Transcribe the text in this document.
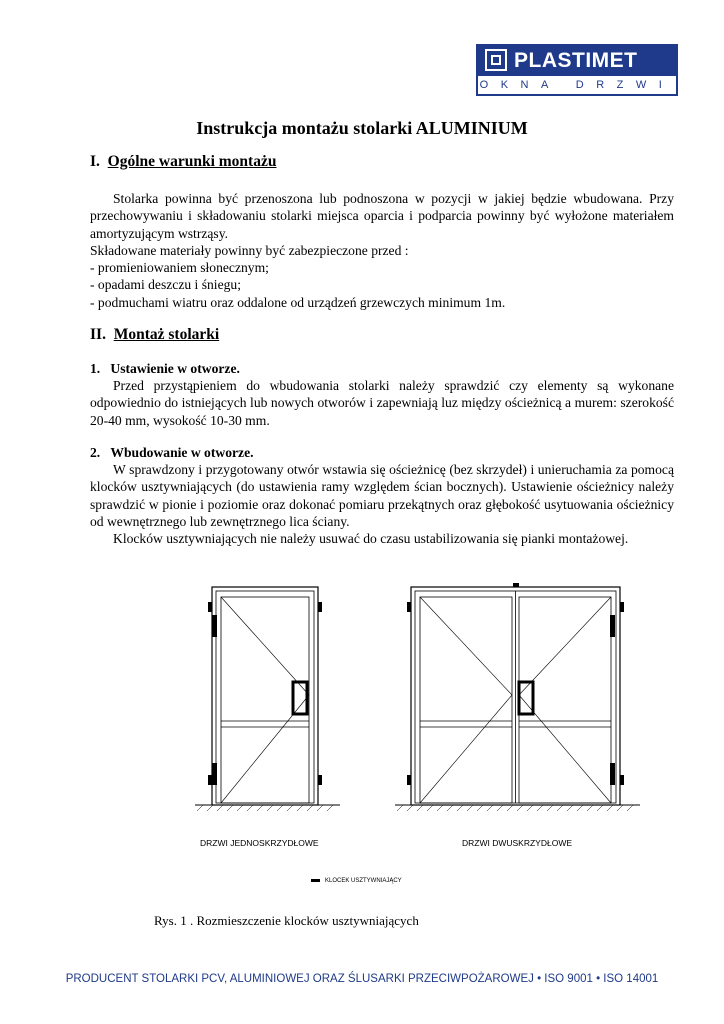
PLASTIMET
OKNA DRZWI
Instrukcja montażu stolarki ALUMINIUM
I. Ogólne warunki montażu
Stolarka powinna być przenoszona lub podnoszona w pozycji w jakiej będzie wbudowana. Przy przechowywaniu i składowaniu stolarki miejsca oparcia i podparcia powinny być wyłożone materiałem amortyzującym wstrząsy.
Składowane materiały powinny być zabezpieczone przed :
- promieniowaniem słonecznym;
- opadami deszczu i śniegu;
- podmuchami wiatru oraz oddalone od urządzeń grzewczych minimum 1m.
II. Montaż stolarki
1.   Ustawienie w otworze.

Przed przystąpieniem do wbudowania stolarki należy sprawdzić czy elementy są wykonane odpowiednio do istniejących lub nowych otworów i zapewniają luz między ościeżnicą a murem: szerokość 20-40 mm, wysokość 10-30 mm.

2.   Wbudowanie w otworze.

W sprawdzony i przygotowany otwór wstawia się ościeżnicę (bez skrzydeł) i unieruchamia za pomocą klocków usztywniających (do ustawienia ramy względem ścian bocznych). Ustawienie ościeżnicy należy sprawdzić w pionie i poziomie oraz dokonać pomiaru przekątnych oraz głębokość usytuowania ościeżnicy od wewnętrznego lub zewnętrznego lica ściany.

Klocków usztywniających nie należy usuwać do czasu ustabilizowania się pianki montażowej.

DRZWI JEDNOSKRZYDŁOWE	DRZWI DWUSKRZYDŁOWE
KLOCEK USZTYWNIAJĄCY
Rys. 1 . Rozmieszczenie klocków usztywniających
PRODUCENT STOLARKI PCV, ALUMINIOWEJ ORAZ ŚLUSARKI PRZECIWPOŻAROWEJ • ISO 9001 • ISO 14001
